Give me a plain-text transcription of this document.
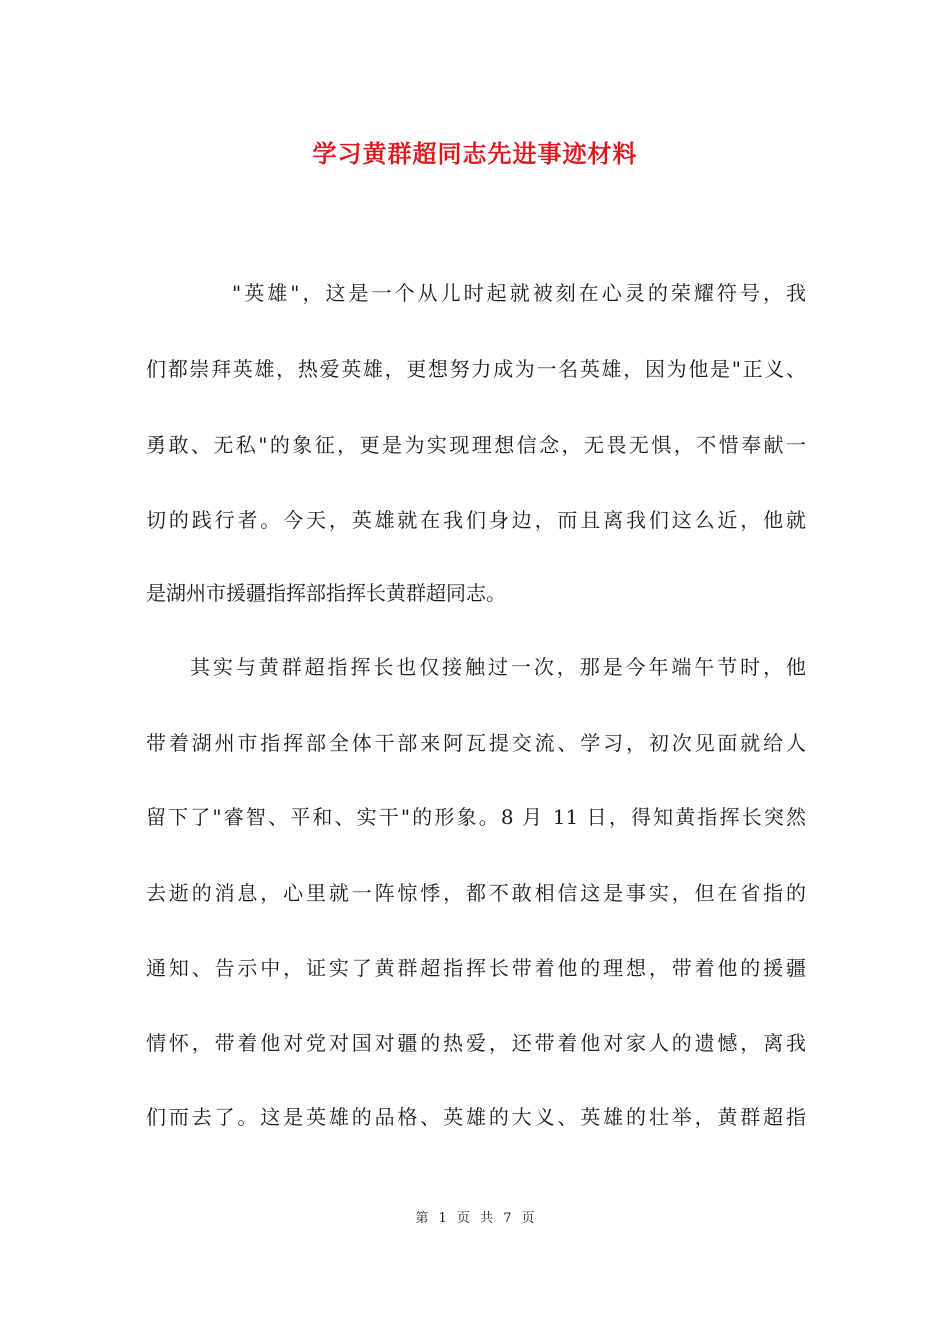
学习黄群超同志先进事迹材料
"英雄"，这是一个从儿时起就被刻在心灵的荣耀符号，我
们都崇拜英雄，热爱英雄，更想努力成为一名英雄，因为他是"正义、
勇敢、无私"的象征，更是为实现理想信念，无畏无惧，不惜奉献一
切的践行者。今天，英雄就在我们身边，而且离我们这么近，他就
是湖州市援疆指挥部指挥长黄群超同志。
其实与黄群超指挥长也仅接触过一次，那是今年端午节时，他
带着湖州市指挥部全体干部来阿瓦提交流、学习，初次见面就给人
留下了"睿智、平和、实干"的形象。8 月 11 日，得知黄指挥长突然
去逝的消息，心里就一阵惊悸，都不敢相信这是事实，但在省指的
通知、告示中，证实了黄群超指挥长带着他的理想，带着他的援疆
情怀，带着他对党对国对疆的热爱，还带着他对家人的遗憾，离我
们而去了。这是英雄的品格、英雄的大义、英雄的壮举，黄群超指
第 1 页 共 7 页
